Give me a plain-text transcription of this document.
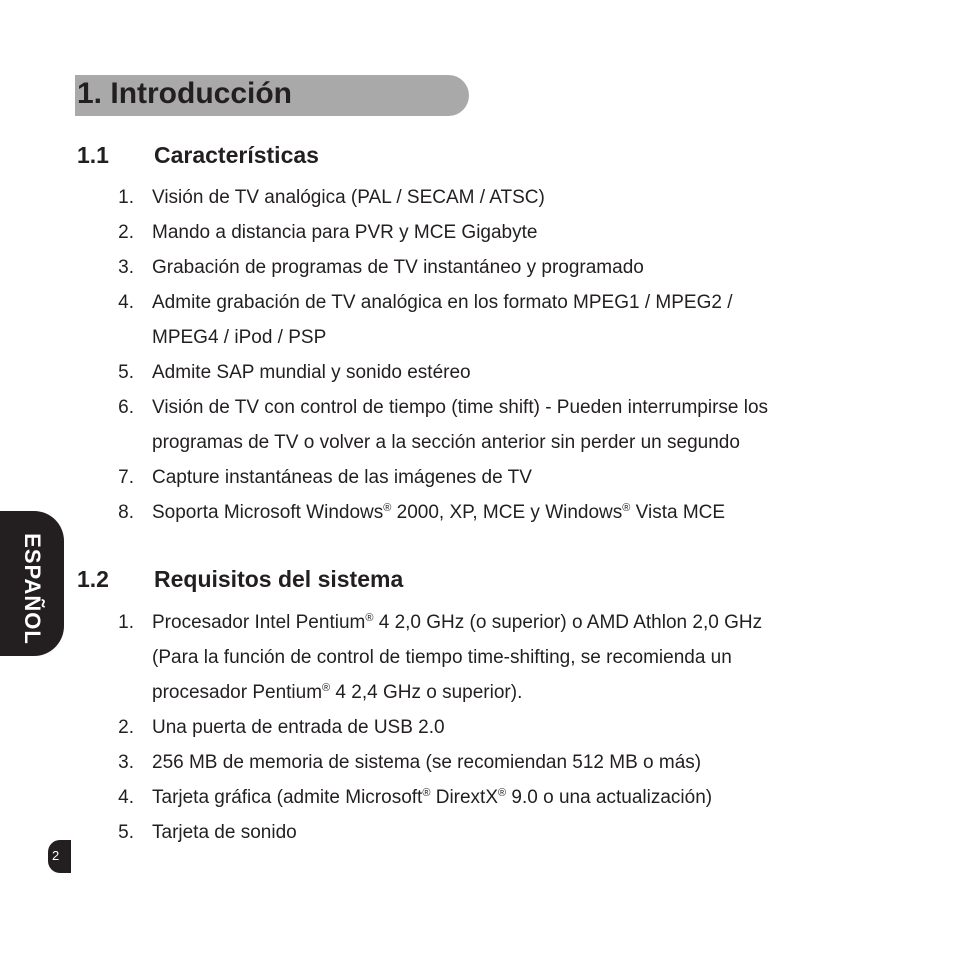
1. Introducción
1.1 Características
1. Visión de TV analógica (PAL / SECAM / ATSC)
2. Mando a distancia para PVR y MCE Gigabyte
3. Grabación de programas de TV instantáneo y programado
4. Admite grabación de TV analógica en los formato MPEG1 / MPEG2 /
MPEG4 / iPod / PSP
5. Admite SAP mundial y sonido estéreo
6. Visión de TV con control de tiempo (time shift) - Pueden interrumpirse los
programas de TV o volver a la sección anterior sin perder un segundo
7. Capture instantáneas de las imágenes de TV
8. Soporta Microsoft Windows® 2000, XP, MCE y Windows® Vista MCE
1.2 Requisitos del sistema
1. Procesador Intel Pentium® 4 2,0 GHz (o superior) o AMD Athlon 2,0 GHz
(Para la función de control de tiempo time-shifting, se recomienda un
procesador Pentium® 4 2,4 GHz o superior).
2. Una puerta de entrada de USB 2.0
3. 256 MB de memoria de sistema (se recomiendan 512 MB o más)
4. Tarjeta gráfica (admite Microsoft® DirextX® 9.0 o una actualización)
5. Tarjeta de sonido
ESPAÑOL
2
